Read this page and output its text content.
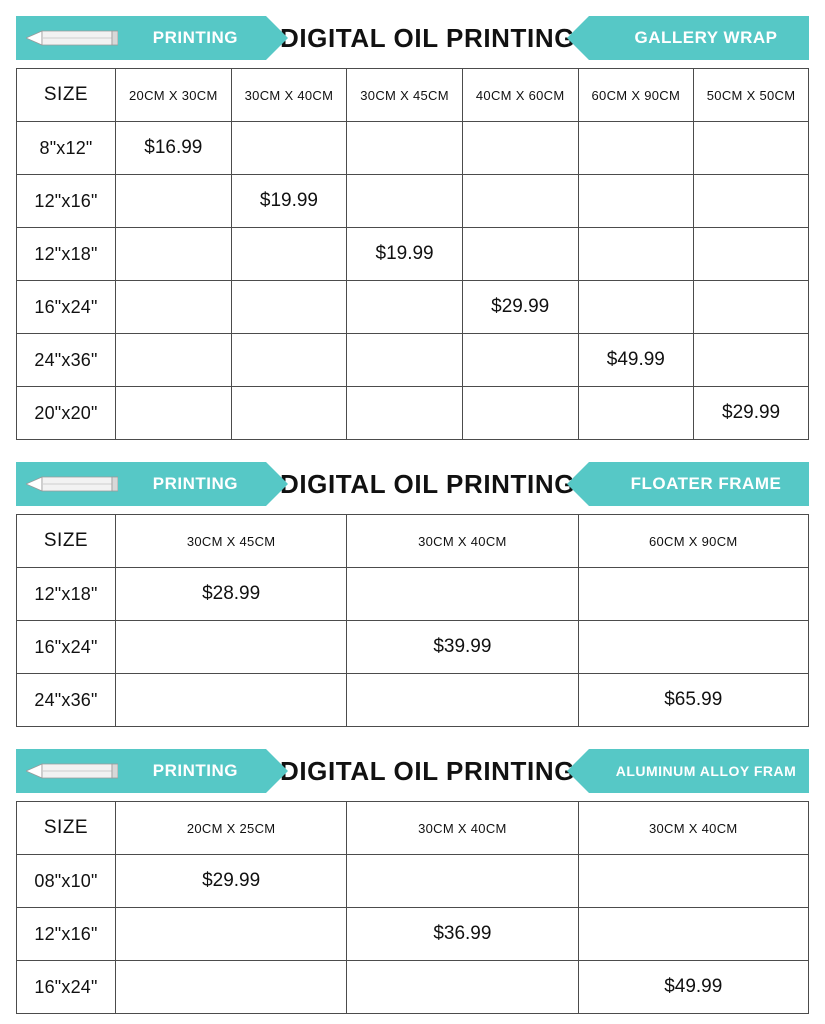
PRINTING DIGITAL OIL PRINTING	GALLERY WRAP
SIZE	20CM X 30CM	30CM X 40CM	30CM X 45CM	40CM X 60CM	60CM X 90CM	50CM X 50CM
8"x12"	$16.99					
12"x16"		$19.99				
12"x18"			$19.99			
16"x24"				$29.99		
24"x36"					$49.99	
20"x20"						$29.99
PRINTING DIGITAL OIL PRINTING	FLOATER FRAME
SIZE	30CM X 45CM	30CM X 40CM	60CM X 90CM
12"x18"	$28.99		
16"x24"		$39.99	
24"x36"			$65.99
PRINTING DIGITAL OIL PRINTING	ALUMINUM ALLOY FRAM
SIZE	20CM X 25CM	30CM X 40CM	30CM X 40CM
08"x10"	$29.99		
12"x16"		$36.99	
16"x24"			$49.99
